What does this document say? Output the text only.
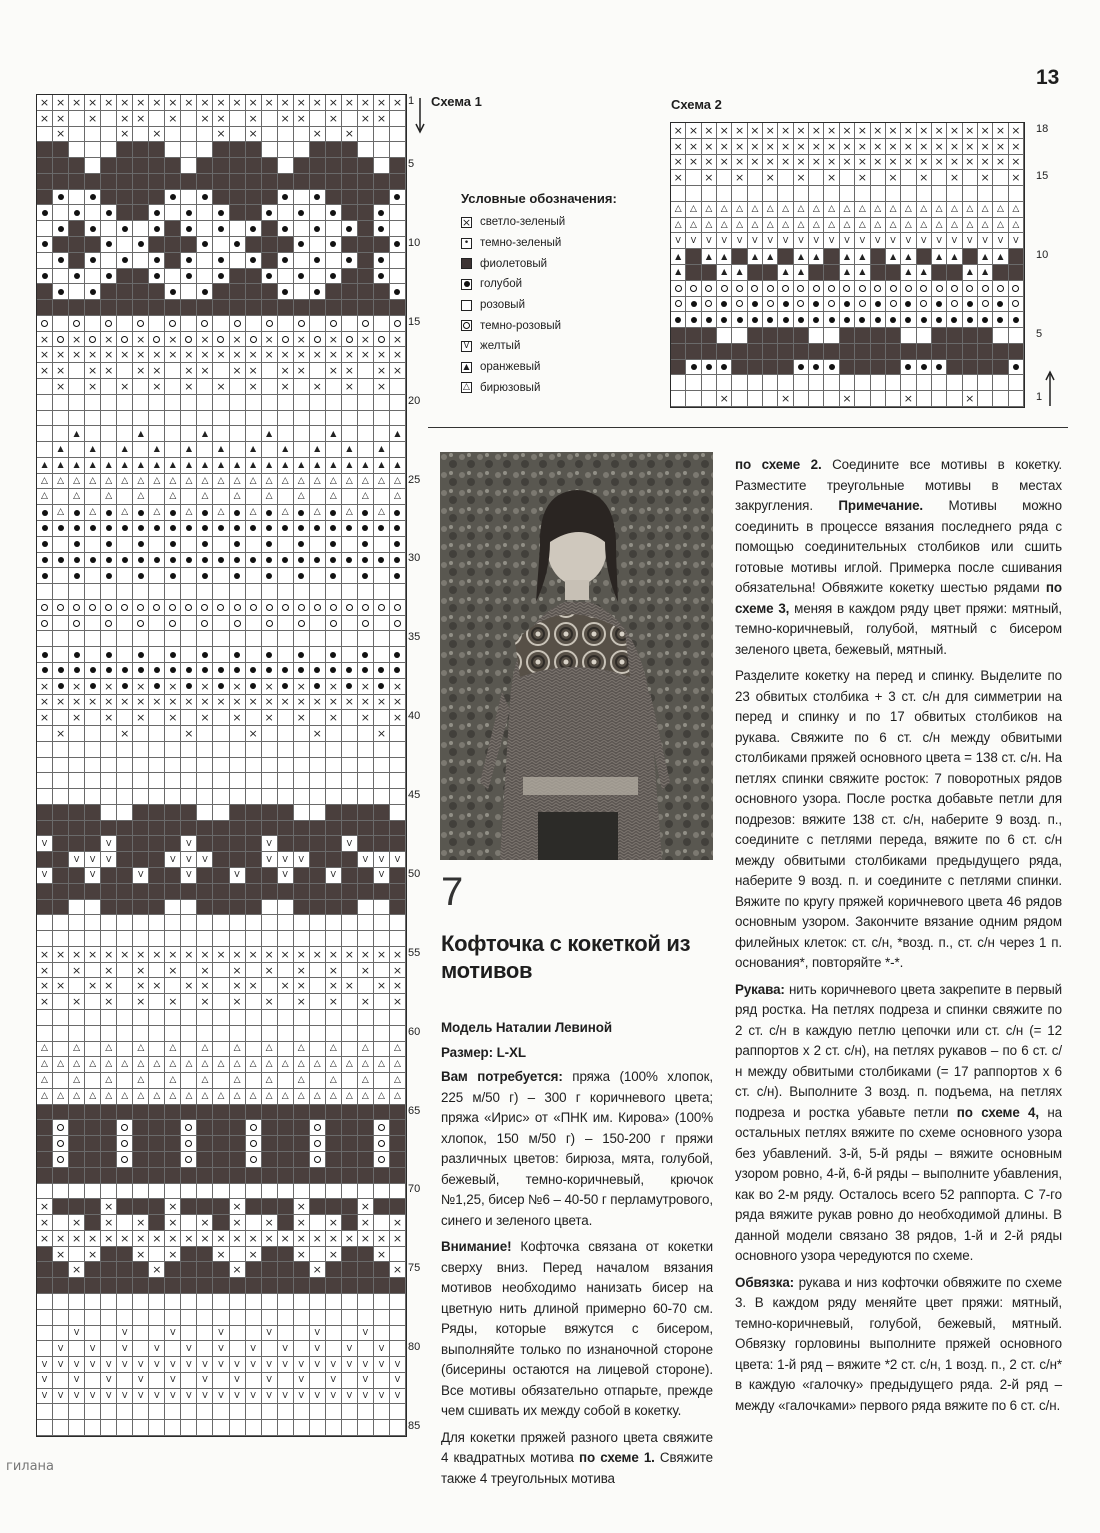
13
×
×
×
×
×
×
×
×
×
×
×
×
×
×
×
×
×
×
×
×
×
×
×
×
×
×
×
×
×
×
×
×
×
×
×
×
×
×
×
×
×
×
×
×
×
×
×
×
×
×
×
×
×
×
×
×
×
×
×
×
×
×
×
×
×
×
×
×
×
×
×
×
×
×
×
×
×
×
×
×
×
×
×
×
×
×
×
×
×
×
×
×
×
×
×
×
×
×
×
×
×
×
×
×
×
×
▲
▲
▲
▲
▲
▲
▲
▲
▲
▲
▲
▲
▲
▲
▲
▲
▲
▲
▲
▲
▲
▲
▲
▲
▲
▲
▲
▲
▲
▲
▲
▲
▲
▲
▲
▲
▲
▲
▲
▲
△
△
△
△
△
△
△
△
△
△
△
△
△
△
△
△
△
△
△
△
△
△
△
△
△
△
△
△
△
△
△
△
△
△
△
△
△
△
△
△
△
△
△
△
△
△
×
×
×
×
×
×
×
×
×
×
×
×
×
×
×
×
×
×
×
×
×
×
×
×
×
×
×
×
×
×
×
×
×
×
×
×
×
×
×
×
×
×
×
×
×
×
×
×
×
×
×
×
×
V
V
V
V
V
V
V
V
V
V
V
V
V
V
V
V
V
V
V
V
V
V
V
V
V
×
×
×
×
×
×
×
×
×
×
×
×
×
×
×
×
×
×
×
×
×
×
×
×
×
×
×
×
×
×
×
×
×
×
×
×
×
×
×
×
×
×
×
×
×
×
×
×
×
×
×
×
×
×
×
×
×
×
×
×
×
×
×
△
△
△
△
△
△
△
△
△
△
△
△
△
△
△
△
△
△
△
△
△
△
△
△
△
△
△
△
△
△
△
△
△
△
△
△
△
△
△
△
△
△
△
△
△
△
△
△
△
△
△
△
△
△
△
△
△
△
△
△
△
△
△
△
△
△
△
△
△
△
×
×
×
×
×
×
×
×
×
×
×
×
×
×
×
×
×
×
×
×
×
×
×
×
×
×
×
×
×
×
×
×
×
×
×
×
×
×
×
×
×
×
×
×
×
×
×
×
×
×
×
×
×
×
×
V
V
V
V
V
V
V
V
V
V
V
V
V
V
V
V
V
V
V
V
V
V
V
V
V
V
V
V
V
V
V
V
V
V
V
V
V
V
V
V
V
V
V
V
V
V
V
V
V
V
V
V
V
V
V
V
V
V
V
V
V
V
V
V
V
V
V
V
V
V
V
V
V
V
V
V
1
5
10
15
20
25
30
35
40
45
50
55
60
65
70
75
80
85
Схема 1	Схема 2
×
×
×
×
×
×
×
×
×
×
×
×
×
×
×
×
×
×
×
×
×
×
×
×
×
×
×
×
×
×
×
×
×
×
×
×
×
×
×
×
×
×
×
×
×
×
×
×
×
×
×
×
×
×
×
×
×
×
×
×
×
×
×
×
×
×
×
×
×
×
×
×
×
×
×
×
×
×
×
×
×
△
△
△
△
△
△
△
△
△
△
△
△
△
△
△
△
△
△
△
△
△
△
△
△
△
△
△
△
△
△
△
△
△
△
△
△
△
△
△
△
△
△
△
△
△
△
V
V
V
V
V
V
V
V
V
V
V
V
V
V
V
V
V
V
V
V
V
V
V
▲
▲
▲
▲
▲
▲
▲
▲
▲
▲
▲
▲
▲
▲
▲
▲
▲
▲
▲
▲
▲
▲
▲
▲
▲
▲
×
×
×
×
×
18
15
10
5
1
Условные обозначения:
×
светло-зеленый
•
темно-зеленый
фиолетовый
голубой
розовый
темно-розовый
V
желтый
▲
оранжевый
△
бирюзовый
7
Кофточка с кокеткой из мотивов

Модель Наталии Левиной

Размер: L-XL

Вам потребуется: пряжа (100% хлопок, 225 м/50 г) – 300 г коричневого цвета; пряжа «Ирис» от «ПНК им. Кирова» (100% хлопок, 150 м/50 г) – 150-200 г пряжи различных цветов: бирюза, мята, голубой, бежевый, темно-коричневый, крючок №1,25, бисер №6 – 40-50 г перламутрового, синего и зеленого цвета.

Внимание! Кофточка связана от кокетки сверху вниз. Перед началом вязания мотивов необходимо нанизать бисер на цветную нить длиной примерно 60-70 см. Ряды, которые вяжутся с бисером, выполняйте только по изнаночной стороне (бисерины остаются на лицевой стороне). Все мотивы обязательно отпарьте, прежде чем сшивать их между собой в кокетку.

Для кокетки пряжей разного цвета свяжите 4 квадратных мотива по схеме 1. Свяжите также 4 треугольных мотива

по схеме 2. Соедините все мотивы в кокетку. Разместите треугольные мотивы в местах закругления. Примечание. Мотивы можно соединить в процессе вязания последнего ряда с помощью соединительных столбиков или сшить готовые мотивы иглой. Примерка после сшивания обязательна! Обвяжите кокетку шестью рядами по схеме 3, меняя в каждом ряду цвет пряжи: мятный, темно-коричневый, голубой, мятный с бисером зеленого цвета, бежевый, мятный.

Разделите кокетку на перед и спинку. Выделите по 23 обвитых столбика + 3 ст. с/н для симметрии на перед и спинку и по 17 обвитых столбиков на рукава. Свяжите по 6 ст. с/н между обвитыми столбиками пряжей основного цвета = 138 ст. с/н. На петлях спинки свяжите росток: 7 поворотных рядов основного узора. После ростка добавьте петли для подрезов: вяжите 138 ст. с/н, наберите 9 возд. п., соедините с петлями переда, вяжите по 6 ст. с/н между обвитыми столбиками предыдущего ряда, наберите 9 возд. п. и соедините с петлями спинки. Вяжите по кругу пряжей коричневого цвета 46 рядов основным узором. Закончите вязание одним рядом филейных клеток: ст. с/н, *возд. п., ст. с/н через 1 п. основания*, повторяйте *-*.

Рукава: нить коричневого цвета закрепите в первый ряд ростка. На петлях подреза и спинки свяжите по 2 ст. с/н в каждую петлю цепочки или ст. с/н (= 12 раппортов х 2 ст. с/н), на петлях рукавов – по 6 ст. с/н между обвитыми столбиками (= 17 раппортов х 6 ст. с/н). Выполните 3 возд. п. подъема, на петлях подреза и ростка убавьте петли по схеме 4, на остальных петлях вяжите по схеме основного узора без убавлений. 3-й, 5-й ряды – вяжите основным узором ровно, 4-й, 6-й ряды – выполните убавления, как во 2-м ряду. Осталось всего 52 раппорта. С 7-го ряда вяжите рукав ровно до необходимой длины. В данной модели связано 38 рядов, 1-й и 2-й ряды основного узора чередуются по схеме.

Обвязка: рукава и низ кофточки обвяжите по схеме 3. В каждом ряду меняйте цвет пряжи: мятный, темно-коричневый, голубой, бежевый, мятный. Обвязку горловины выполните пряжей основного цвета: 1-й ряд – вяжите *2 ст. с/н, 1 возд. п., 2 ст. с/н* в каждую «галочку» предыдущего ряда. 2-й ряд – между «галочками» первого ряда вяжите по 6 ст. с/н.

гилана
